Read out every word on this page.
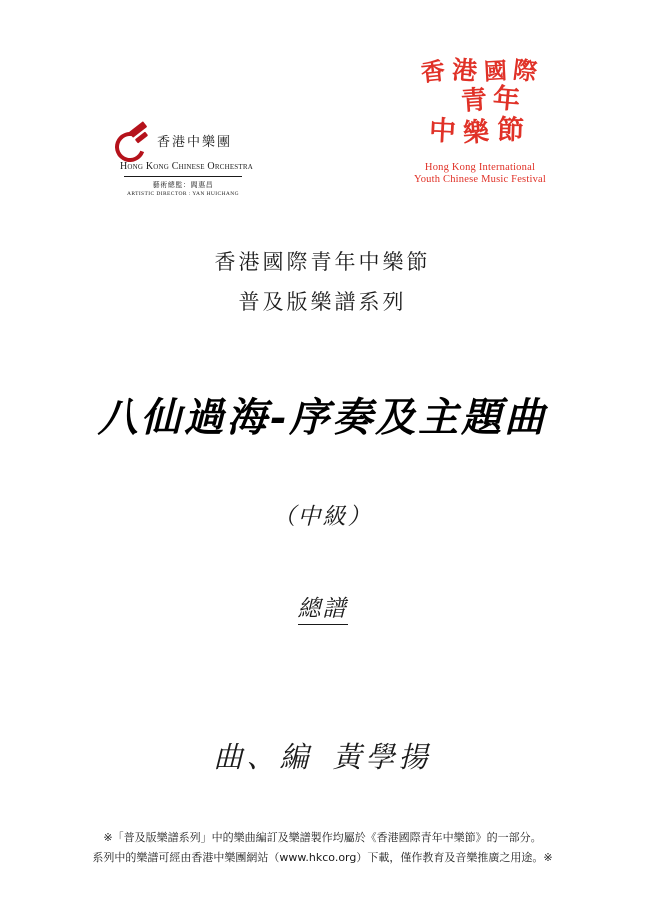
香港中樂團
Hong Kong Chinese Orchestra
藝術總監：閻惠昌
ARTISTIC DIRECTOR : YAN HUICHANG
香 港 國 際
青 年
中 樂 節
Hong Kong International
Youth Chinese Music Festival
香港國際青年中樂節
普及版樂譜系列
八仙過海-序奏及主題曲
（中級）
總譜
曲、編 黃學揚
※「普及版樂譜系列」中的樂曲編訂及樂譜製作均屬於《香港國際青年中樂節》的一部分。
系列中的樂譜可經由香港中樂團網站（www.hkco.org）下載，僅作教育及音樂推廣之用途。※
